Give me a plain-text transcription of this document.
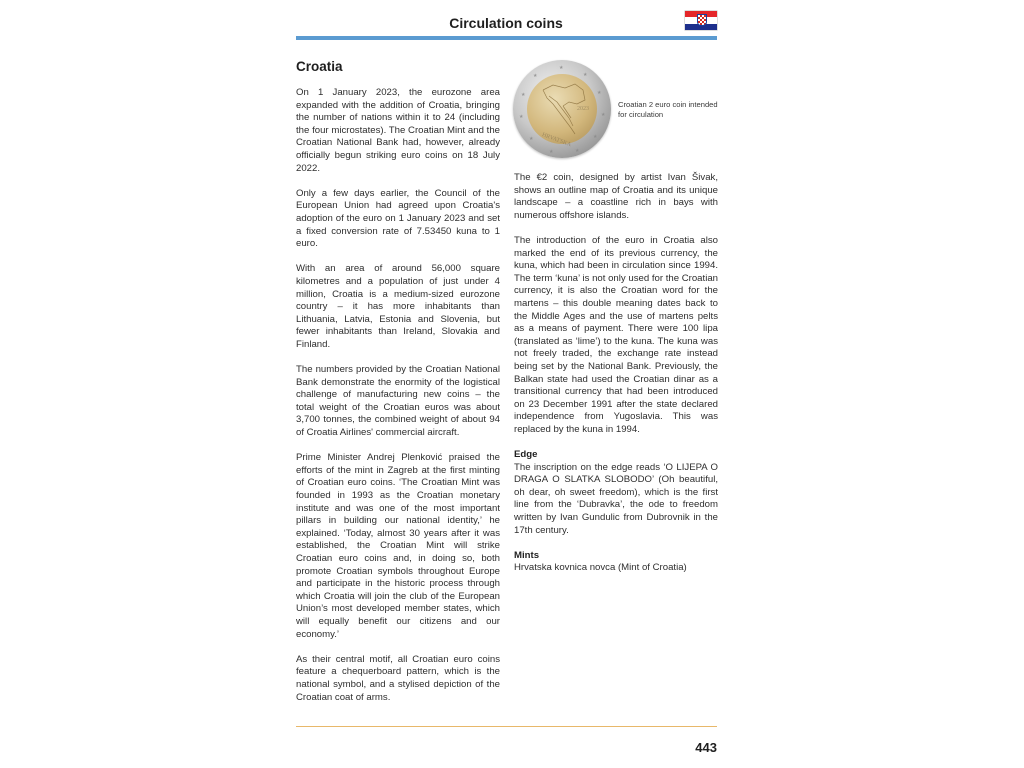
Circulation coins
Croatia

On 1 January 2023, the eurozone area expanded with the addition of Croatia, bringing the number of nations within it to 24 (including the four microstates). The Croatian Mint and the Croatian National Bank had, however, already officially begun striking euro coins on 18 July 2022.

Only a few days earlier, the Council of the European Union had agreed upon Croatia's adoption of the euro on 1 January 2023 and set a fixed conversion rate of 7.53450 kuna to 1 euro.

With an area of around 56,000 square kilometres and a population of just under 4 million, Croatia is a medium-sized eurozone country – it has more inhabitants than Lithuania, Latvia, Estonia and Slovenia, but fewer inhabitants than Ireland, Slovakia and Finland.

The numbers provided by the Croatian National Bank demonstrate the enormity of the logistical challenge of manufacturing new coins – the total weight of the Croatian euros was about 3,700 tonnes, the combined weight of about 94 of Croatia Airlines' commercial aircraft.

Prime Minister Andrej Plenković praised the efforts of the mint in Zagreb at the first minting of Croatian euro coins. ‘The Croatian Mint was founded in 1993 as the Croatian monetary institute and was one of the most important pillars in building our national identity,’ he explained. ‘Today, almost 30 years after it was established, the Croatian Mint will strike Croatian euro coins and, in doing so, both promote Croatian symbols throughout Europe and participate in the historic process through which Croatia will join the club of the European Union’s most developed member states, which will equally benefit our citizens and our economy.’

As their central motif, all Croatian euro coins feature a chequerboard pattern, which is the national symbol, and a stylised depiction of the Croatian coat of arms.

2023
HRVATSKA
★
★
★
★
★
★
★
★
★
★
★
Croatian 2 euro coin intended for circulation

The €2 coin, designed by artist Ivan Šivak, shows an outline map of Croatia and its unique landscape – a coastline rich in bays with numerous offshore islands.

The introduction of the euro in Croatia also marked the end of its previous currency, the kuna, which had been in circulation since 1994. The term ‘kuna’ is not only used for the Croatian currency, it is also the Croatian word for the martens – this double meaning dates back to the Middle Ages and the use of martens pelts as a means of payment. There were 100 lipa (translated as ‘lime’) to the kuna. The kuna was not freely traded, the exchange rate instead being set by the National Bank. Previously, the Balkan state had used the Croatian dinar as a transitional currency that had been introduced on 23 December 1991 after the state declared independence from Yugoslavia. This was replaced by the kuna in 1994.

Edge

The inscription on the edge reads ‘O LIJEPA O DRAGA O SLATKA SLOBODO’ (Oh beautiful, oh dear, oh sweet freedom), which is the first line from the ‘Dubravka’, the ode to freedom written by Ivan Gundulic from Dubrovnik in the 17th century.

Mints

Hrvatska kovnica novca (Mint of Croatia)

443
